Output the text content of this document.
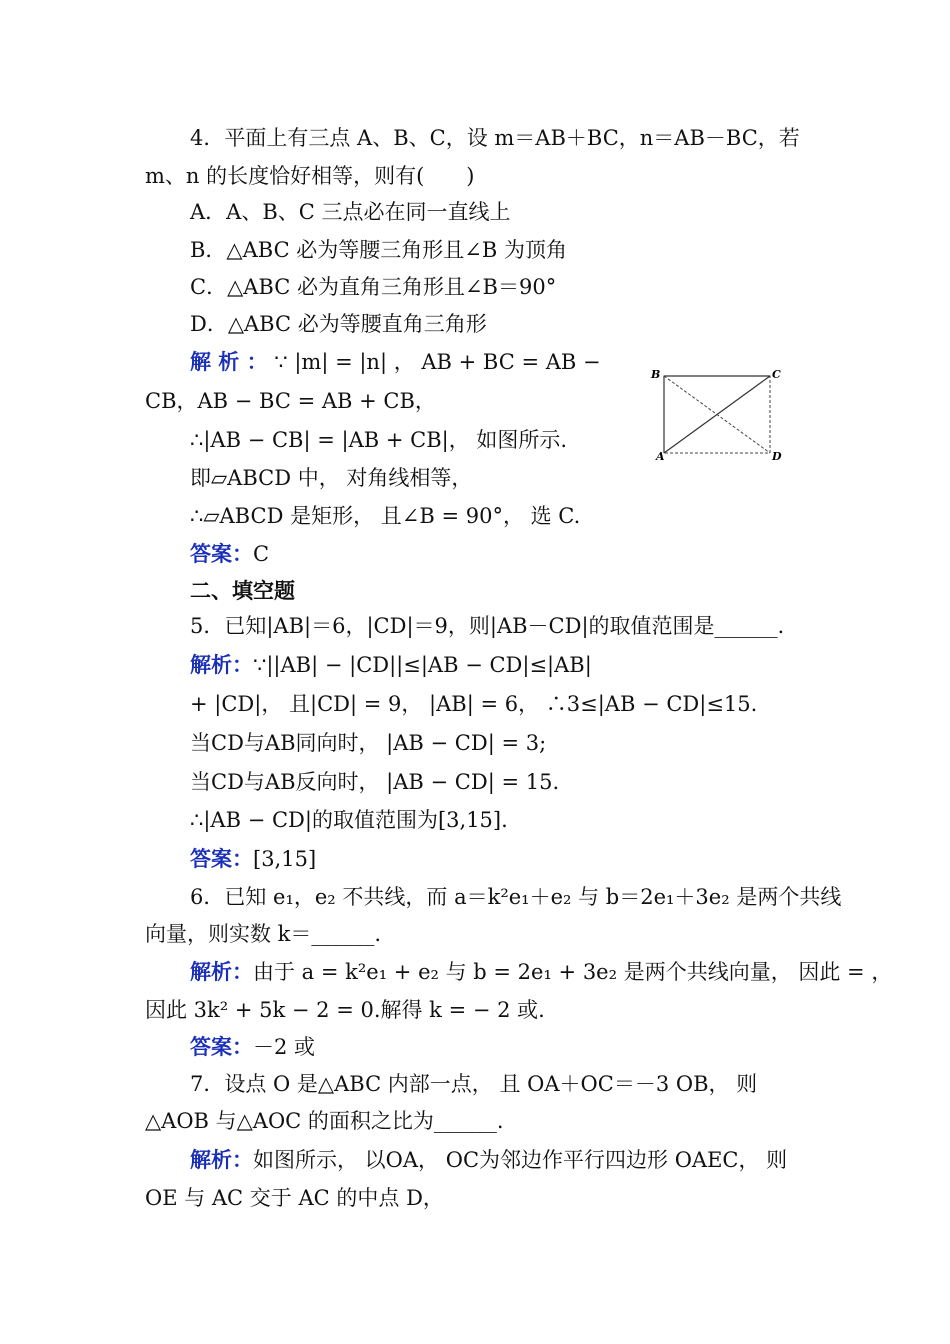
4．平面上有三点 A、B、C，设 m＝AB＋BC，n＝AB－BC，若
m、n 的长度恰好相等，则有(　　)
A．A、B、C 三点必在同一直线上
B．△ABC 必为等腰三角形且∠B 为顶角
C．△ABC 必为直角三角形且∠B＝90°
D．△ABC 必为等腰直角三角形
解 析 ： ∵ |m| = |n| ， AB + BC = AB −
CB，AB − BC = AB + CB，
∴|AB − CB| = |AB + CB|， 如图所示.
即▱ABCD 中， 对角线相等，
∴▱ABCD 是矩形， 且∠B = 90°， 选 C.
答案：C
二、填空题
5．已知|AB|＝6，|CD|＝9，则|AB－CD|的取值范围是______.
解析：∵||AB| − |CD||≤|AB − CD|≤|AB|
+ |CD|， 且|CD| = 9， |AB| = 6， ∴3≤|AB − CD|≤15.
当CD与AB同向时， |AB − CD| = 3;
当CD与AB反向时， |AB − CD| = 15.
∴|AB − CD|的取值范围为[3,15].
答案：[3,15]
6．已知 e₁，e₂ 不共线，而 a＝k²e₁＋e₂ 与 b＝2e₁＋3e₂ 是两个共线
向量，则实数 k＝______.
解析：由于 a = k²e₁ + e₂ 与 b = 2e₁ + 3e₂ 是两个共线向量， 因此 = ，
因此 3k² + 5k − 2 = 0.解得 k = − 2 或.
答案：－2 或
7．设点 O 是△ABC 内部一点， 且 OA＋OC＝－3 OB， 则
△AOB 与△AOC 的面积之比为______.
解析：如图所示， 以OA， OC为邻边作平行四边形 OAEC， 则
OE 与 AC 交于 AC 的中点 D，
B	C
A	D
